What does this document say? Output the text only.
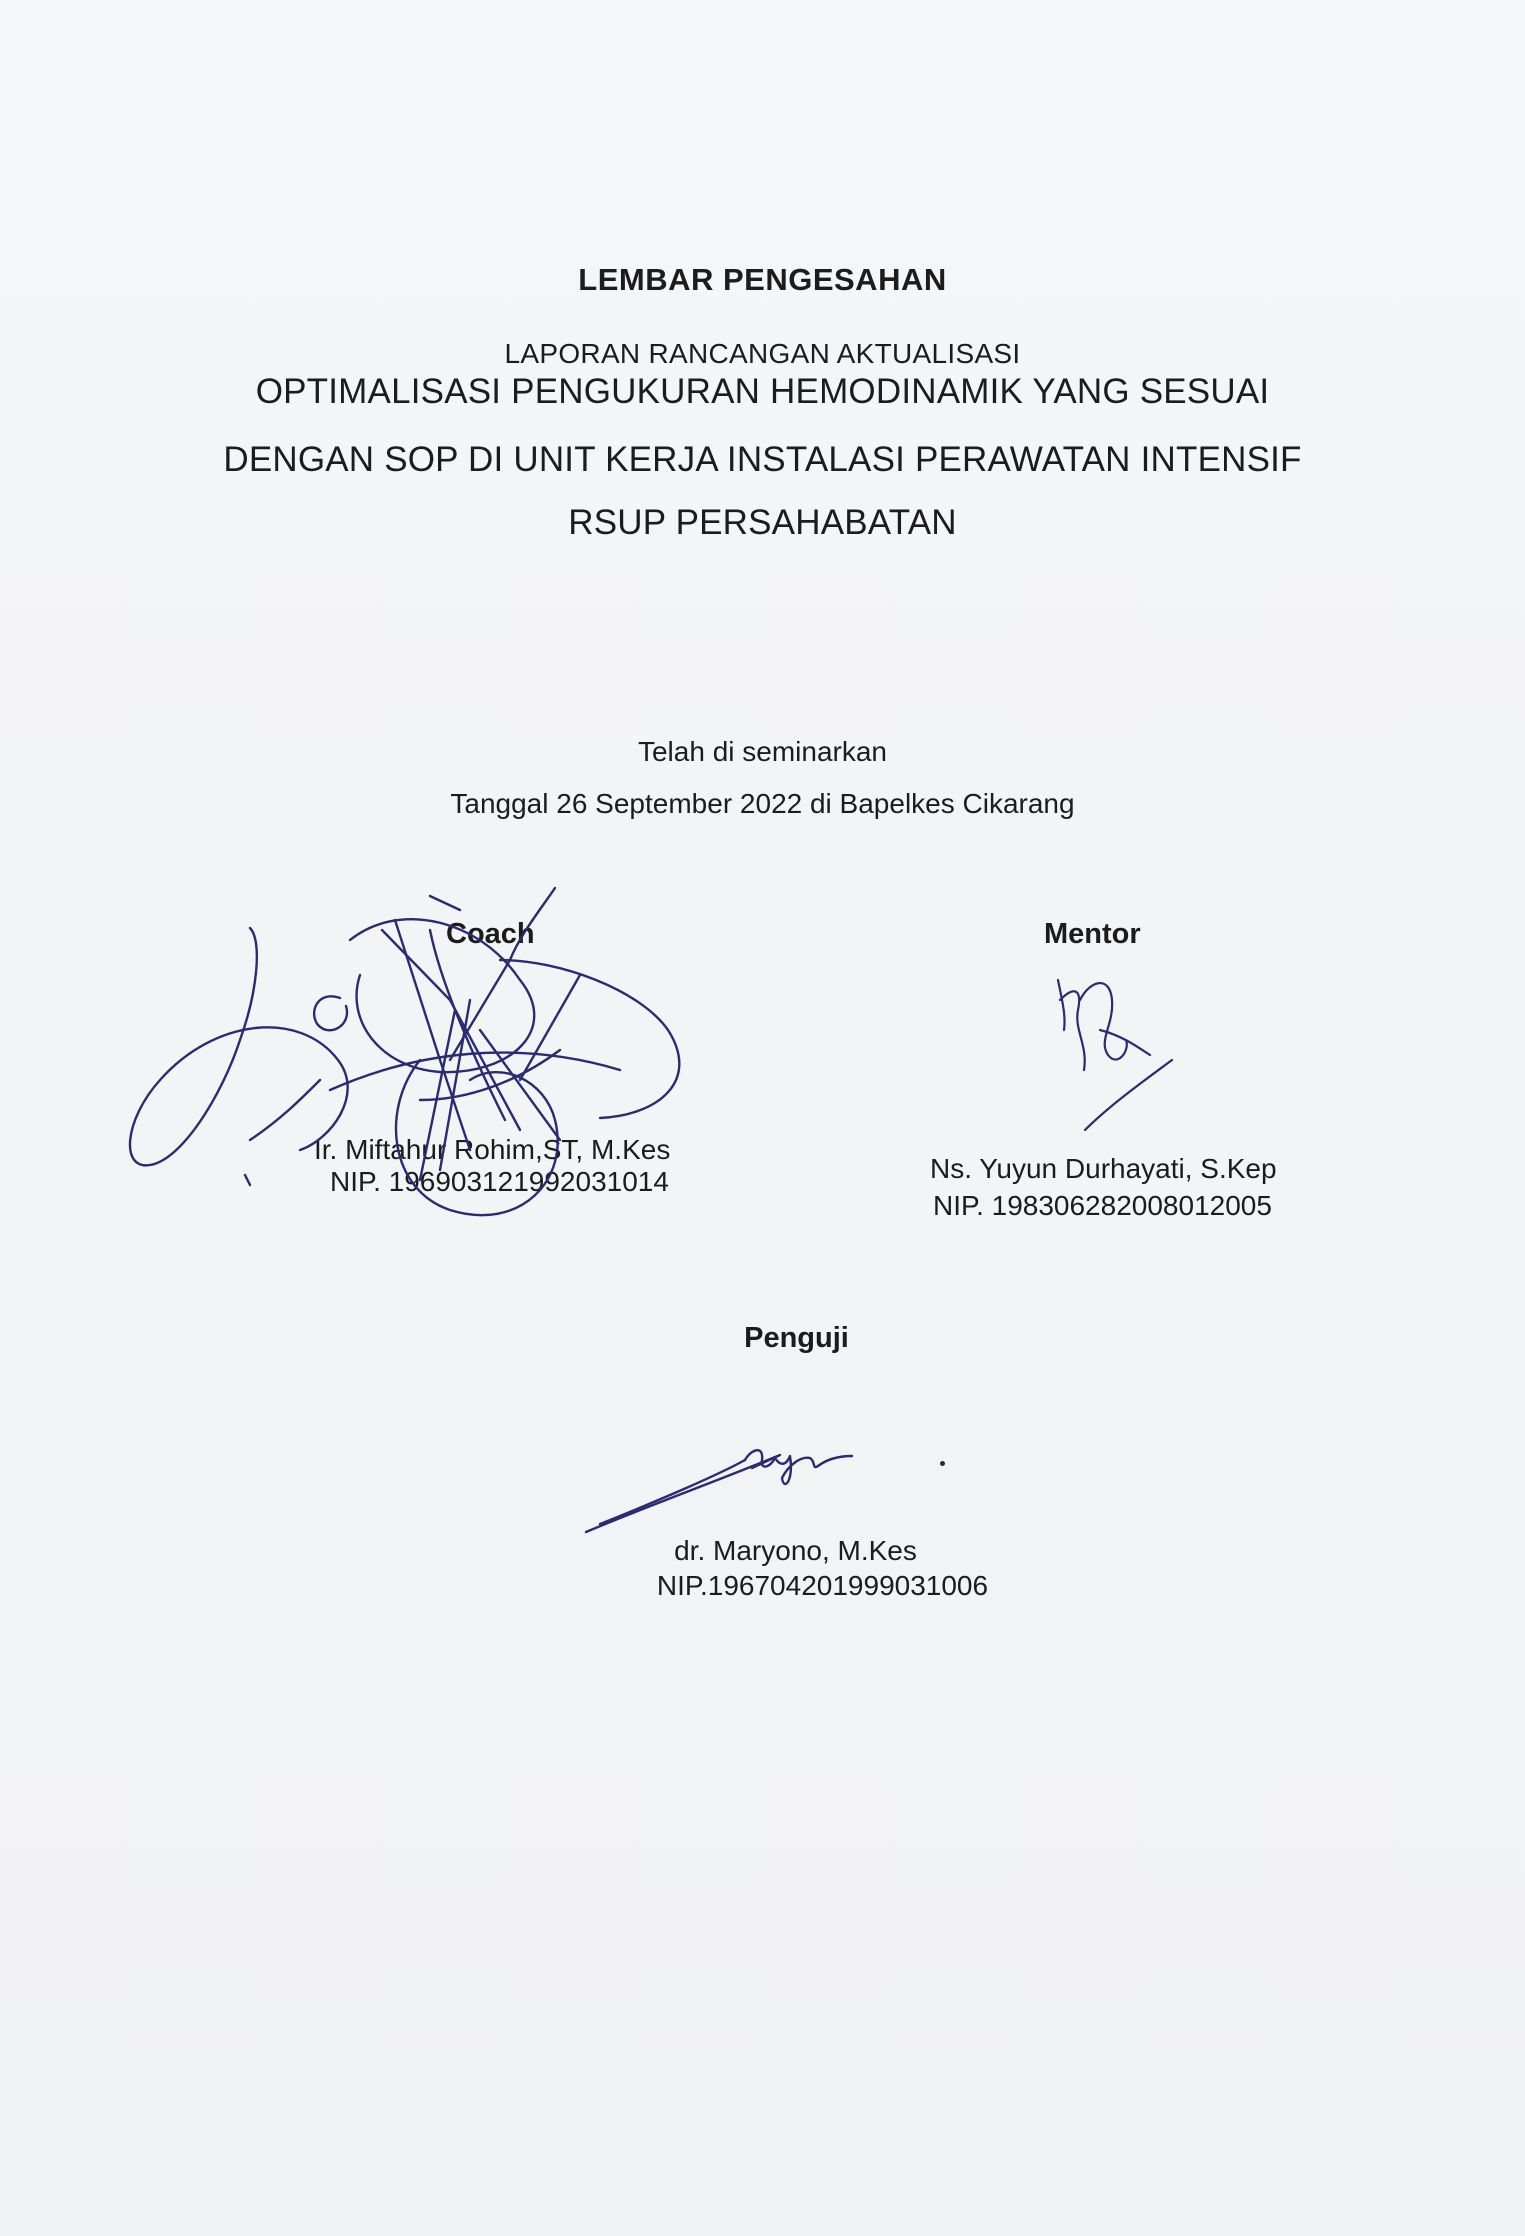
LEMBAR PENGESAHAN
LAPORAN RANCANGAN AKTUALISASI
OPTIMALISASI PENGUKURAN HEMODINAMIK YANG SESUAI
DENGAN SOP DI UNIT KERJA INSTALASI PERAWATAN INTENSIF
RSUP PERSAHABATAN
Telah di seminarkan
Tanggal 26 September 2022 di Bapelkes Cikarang
Coach
Ir. Miftahur Rohim,ST, M.Kes
NIP. 196903121992031014
Mentor
Ns. Yuyun Durhayati, S.Kep
NIP. 198306282008012005
Penguji
dr. Maryono, M.Kes
NIP.196704201999031006
